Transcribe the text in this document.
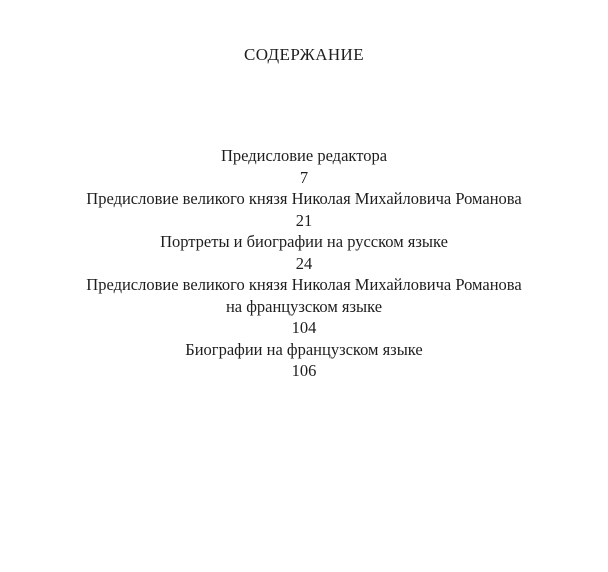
СОДЕРЖАНИЕ
Предисловие редактора
7
Предисловие великого князя Николая Михайловича Романова
21
Портреты и биографии на русском языке
24
Предисловие великого князя Николая Михайловича Романова
на французском языке
104
Биографии на французском языке
106
